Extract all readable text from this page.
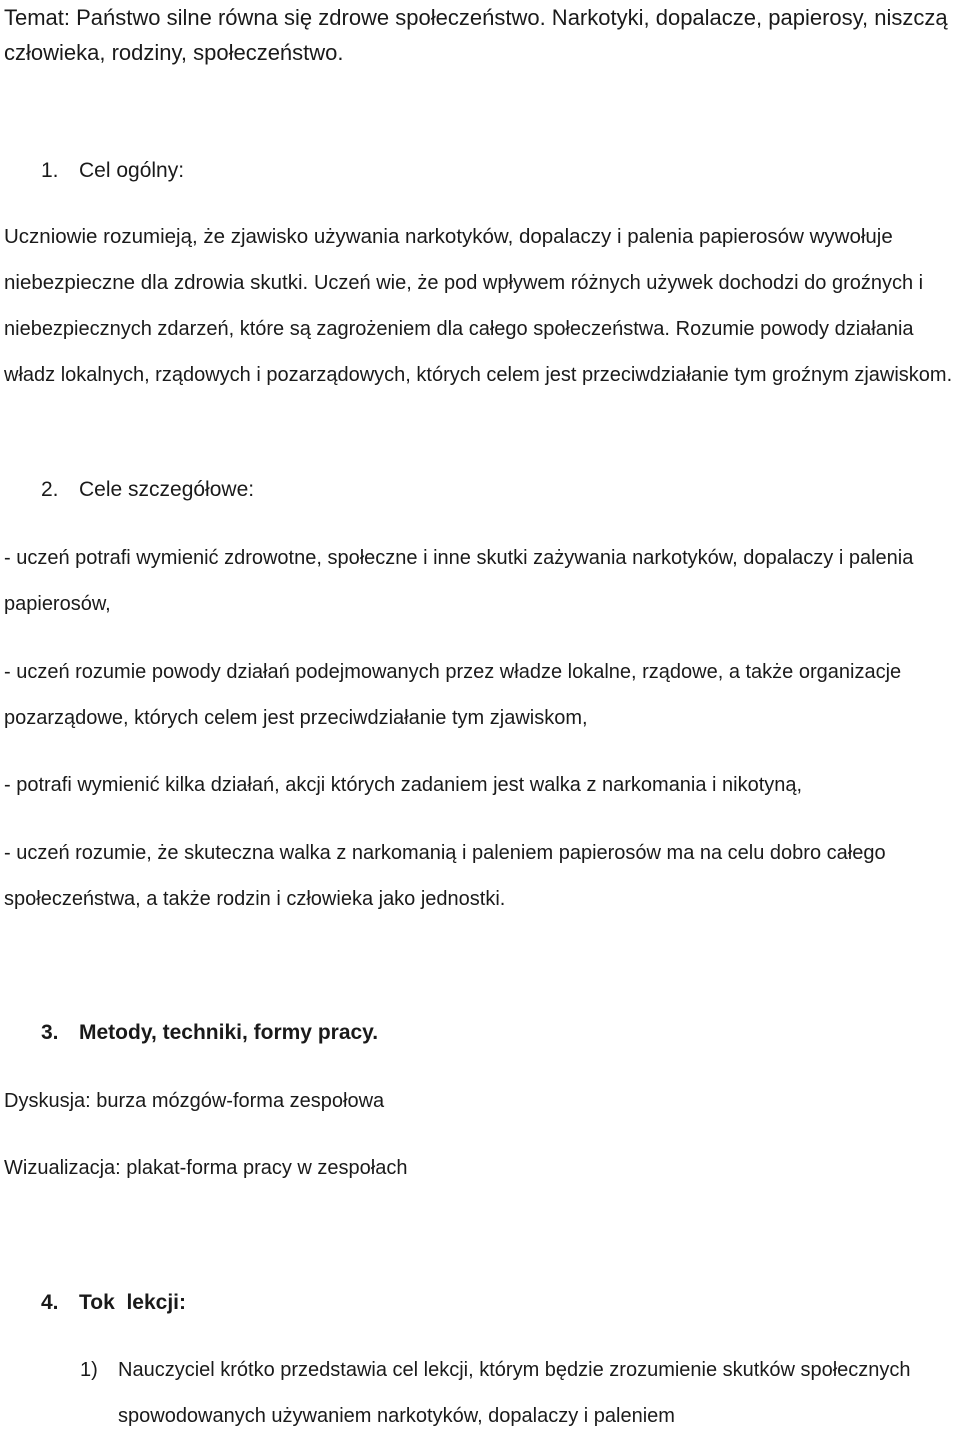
Temat: Państwo silne równa się zdrowe społeczeństwo. Narkotyki, dopalacze, papierosy, niszczą człowieka, rodziny, społeczeństwo.

1. Cel ogólny:

Uczniowie rozumieją, że zjawisko używania narkotyków, dopalaczy i palenia papierosów wywołuje niebezpieczne dla zdrowia skutki. Uczeń wie, że pod wpływem różnych używek dochodzi do groźnych i niebezpiecznych zdarzeń, które są zagrożeniem dla całego społeczeństwa. Rozumie powody działania władz lokalnych, rządowych i pozarządowych, których celem jest przeciwdziałanie tym groźnym zjawiskom.

2. Cele szczegółowe:

- uczeń potrafi wymienić zdrowotne, społeczne i inne skutki zażywania narkotyków, dopalaczy i palenia papierosów,

- uczeń rozumie powody działań podejmowanych przez władze lokalne, rządowe, a także organizacje pozarządowe, których celem jest przeciwdziałanie tym zjawiskom,

- potrafi wymienić kilka działań, akcji których zadaniem jest walka z narkomania i nikotyną,

- uczeń rozumie, że skuteczna walka z narkomanią i paleniem papierosów ma na celu dobro całego społeczeństwa, a także rodzin i człowieka jako jednostki.

3. Metody, techniki, formy pracy.

Dyskusja: burza mózgów-forma zespołowa

Wizualizacja: plakat-forma pracy w zespołach

4. Tok  lekcji:
1) Nauczyciel krótko przedstawia cel lekcji, którym będzie zrozumienie skutków społecznych spowodowanych używaniem narkotyków, dopalaczy i paleniem
